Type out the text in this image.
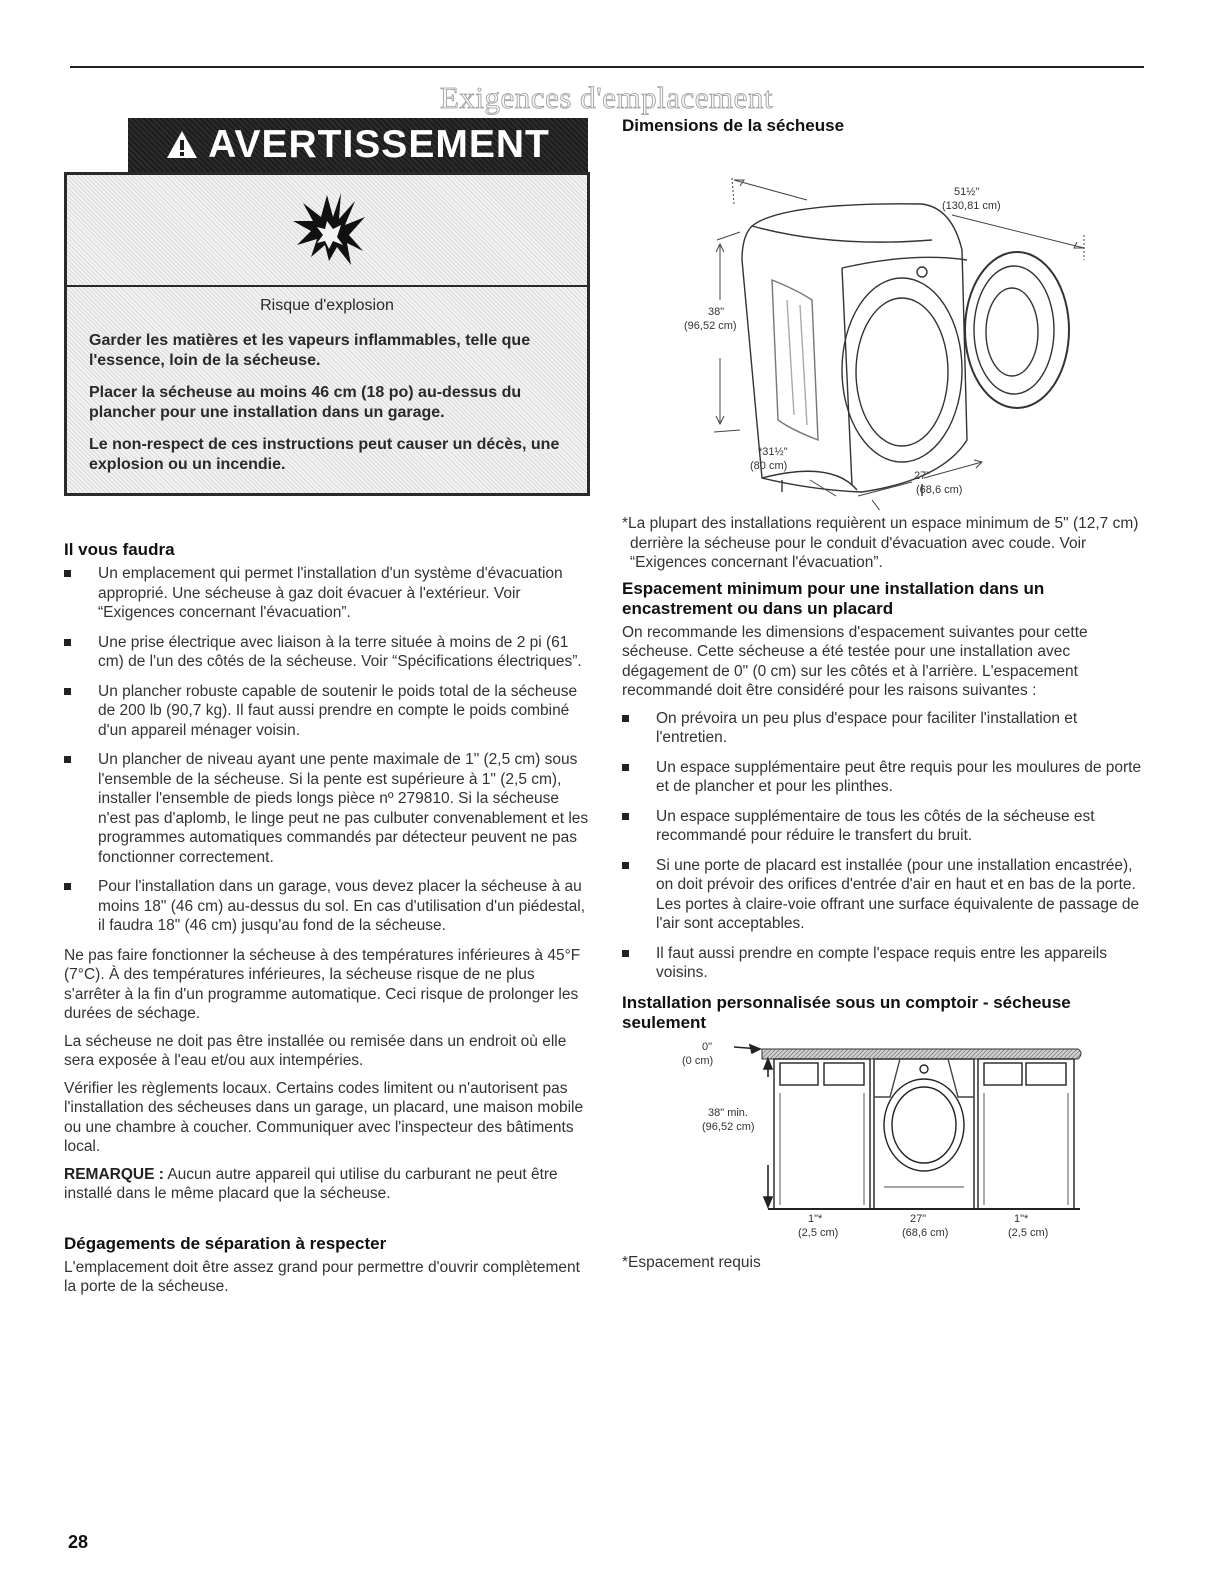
Exigences d'emplacement
AVERTISSEMENT
Risque d'explosion

Garder les matières et les vapeurs inflammables, telle que l'essence, loin de la sécheuse.

Placer la sécheuse au moins 46 cm (18 po) au-dessus du plancher pour une installation dans un garage.

Le non-respect de ces instructions peut causer un décès, une explosion ou un incendie.

Il vous faudra
Un emplacement qui permet l'installation d'un système d'évacuation approprié. Une sécheuse à gaz doit évacuer à l'extérieur. Voir “Exigences concernant l'évacuation”.
Une prise électrique avec liaison à la terre située à moins de 2 pi (61 cm) de l'un des côtés de la sécheuse. Voir “Spécifications électriques”.
Un plancher robuste capable de soutenir le poids total de la sécheuse de 200 lb (90,7 kg). Il faut aussi prendre en compte le poids combiné d'un appareil ménager voisin.
Un plancher de niveau ayant une pente maximale de 1" (2,5 cm) sous l'ensemble de la sécheuse. Si la pente est supérieure à 1" (2,5 cm), installer l'ensemble de pieds longs pièce nº 279810. Si la sécheuse n'est pas d'aplomb, le linge peut ne pas culbuter convenablement et les programmes automatiques commandés par détecteur peuvent ne pas fonctionner correctement.
Pour l'installation dans un garage, vous devez placer la sécheuse à au moins 18" (46 cm) au-dessus du sol. En cas d'utilisation d'un piédestal, il faudra 18" (46 cm) jusqu'au fond de la sécheuse.

Ne pas faire fonctionner la sécheuse à des températures inférieures à 45°F (7°C). À des températures inférieures, la sécheuse risque de ne plus s'arrêter à la fin d'un programme automatique. Ceci risque de prolonger les durées de séchage.

La sécheuse ne doit pas être installée ou remisée dans un endroit où elle sera exposée à l'eau et/ou aux intempéries.

Vérifier les règlements locaux. Certains codes limitent ou n'autorisent pas l'installation des sécheuses dans un garage, un placard, une maison mobile ou une chambre à coucher. Communiquer avec l'inspecteur des bâtiments local.

REMARQUE : Aucun autre appareil qui utilise du carburant ne peut être installé dans le même placard que la sécheuse.

Dégagements de séparation à respecter

L'emplacement doit être assez grand pour permettre d'ouvrir complètement la porte de la sécheuse.

Dimensions de la sécheuse
51½"
(130,81 cm)
38"
(96,52 cm)
*31½"
(80 cm)
27"
(68,6 cm)

*La plupart des installations requièrent un espace minimum de 5" (12,7 cm) derrière la sécheuse pour le conduit d'évacuation avec coude. Voir “Exigences concernant l'évacuation”.

Espacement minimum pour une installation dans un encastrement ou dans un placard

On recommande les dimensions d'espacement suivantes pour cette sécheuse. Cette sécheuse a été testée pour une installation avec dégagement de 0" (0 cm) sur les côtés et à l'arrière. L'espacement recommandé doit être considéré pour les raisons suivantes :

On prévoira un peu plus d'espace pour faciliter l'installation et l'entretien.
Un espace supplémentaire peut être requis pour les moulures de porte et de plancher et pour les plinthes.
Un espace supplémentaire de tous les côtés de la sécheuse est recommandé pour réduire le transfert du bruit.
Si une porte de placard est installée (pour une installation encastrée), on doit prévoir des orifices d'entrée d'air en haut et en bas de la porte. Les portes à claire-voie offrant une surface équivalente de passage de l'air sont acceptables.
Il faut aussi prendre en compte l'espace requis entre les appareils voisins.
Installation personnalisée sous un comptoir - sécheuse seulement
0"
(0 cm)
38" min.
(96,52 cm)
1"*
(2,5 cm)
27"
(68,6 cm)
1"*
(2,5 cm)

*Espacement requis

28
